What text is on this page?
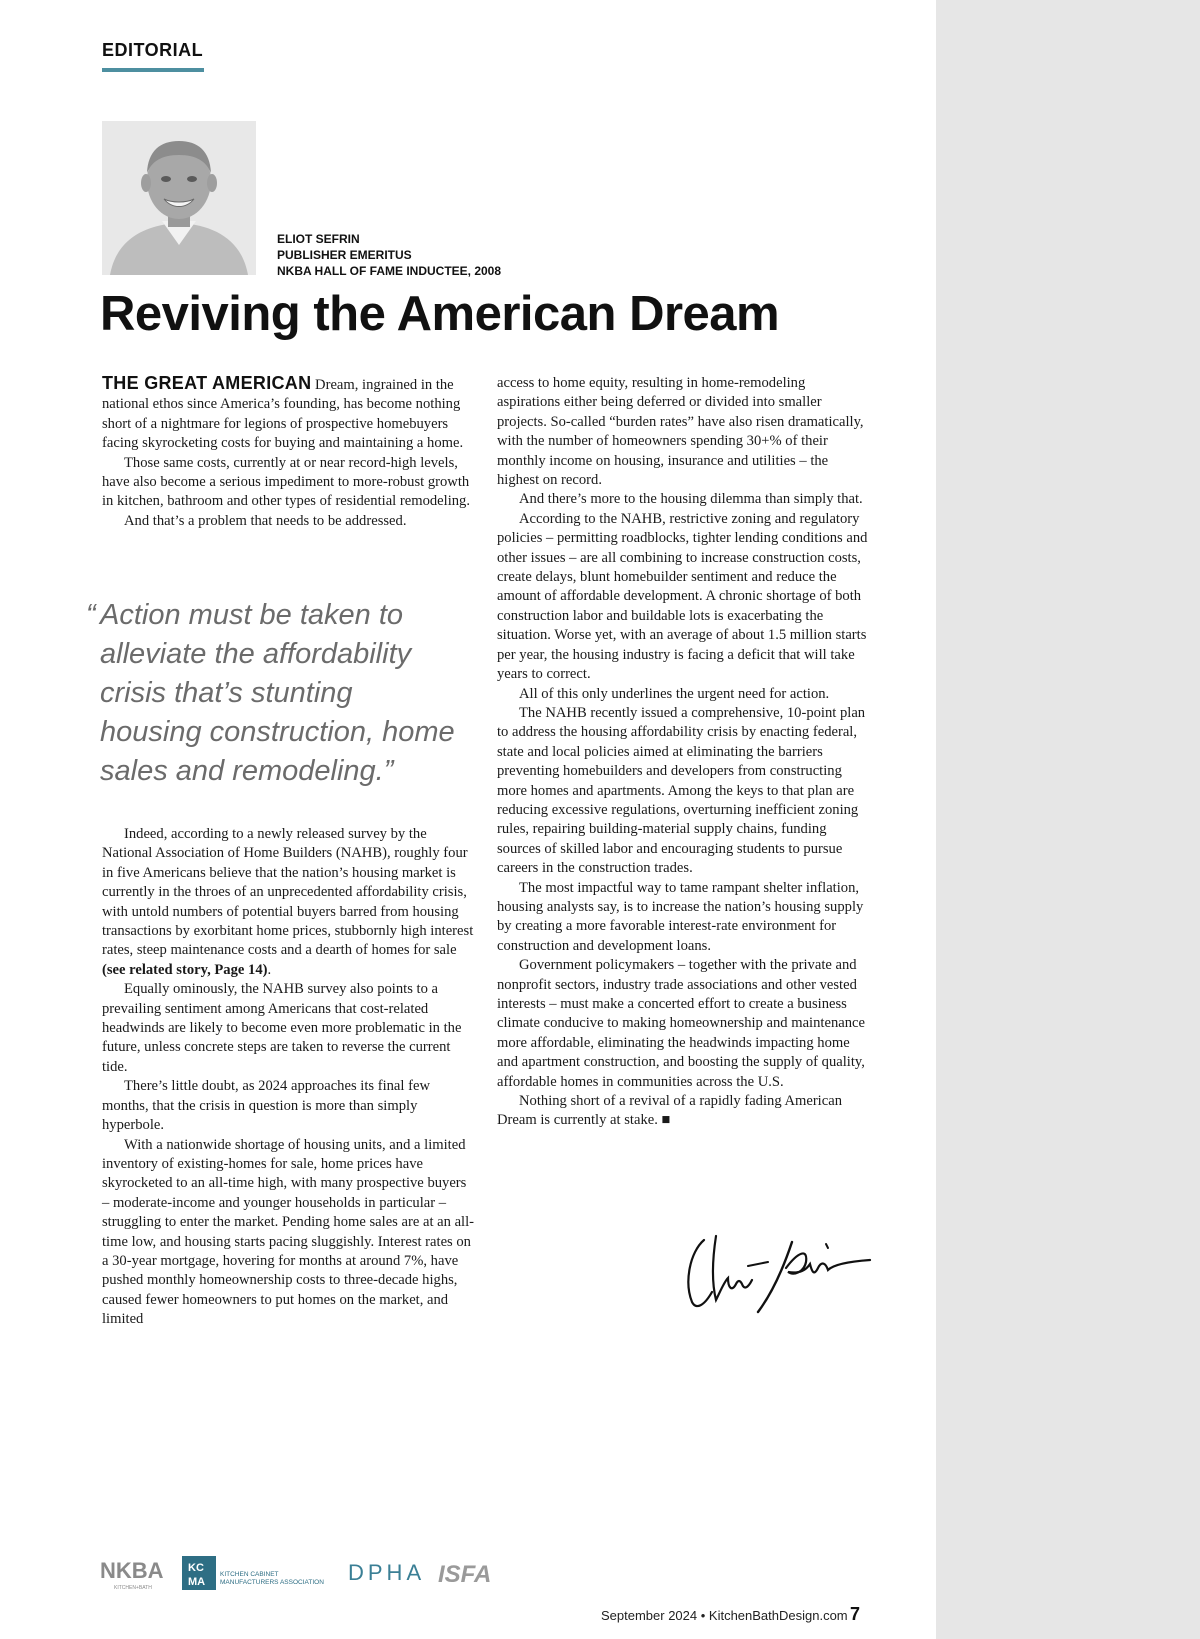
EDITORIAL
ELIOT SEFRIN
PUBLISHER EMERITUS
NKBA HALL OF FAME INDUCTEE, 2008
Reviving the American Dream

THE GREAT AMERICAN Dream, ingrained in the national ethos since America’s founding, has become nothing short of a nightmare for legions of prospective homebuyers facing skyrocketing costs for buying and maintaining a home.

Those same costs, currently at or near record-high levels, have also become a serious impediment to more-robust growth in kitchen, bathroom and other types of residential remodeling.

And that’s a problem that needs to be addressed.

“ Action must be taken to
alleviate the affordability
crisis that’s stunting
housing construction, home
sales and remodeling.”

Indeed, according to a newly released survey by the National Association of Home Builders (NAHB), roughly four in five Americans believe that the nation’s housing market is currently in the throes of an unprecedented affordability crisis, with untold numbers of potential buyers barred from housing transactions by exorbitant home prices, stubbornly high interest rates, steep maintenance costs and a dearth of homes for sale (see related story, Page 14).

Equally ominously, the NAHB survey also points to a prevailing sentiment among Americans that cost-related headwinds are likely to become even more problematic in the future, unless concrete steps are taken to reverse the current tide.

There’s little doubt, as 2024 approaches its final few months, that the crisis in question is more than simply hyperbole.

With a nationwide shortage of housing units, and a limited inventory of existing-homes for sale, home prices have skyrocketed to an all-time high, with many prospective buyers – moderate-income and younger households in particular – struggling to enter the market. Pending home sales are at an all-time low, and housing starts pacing sluggishly. Interest rates on a 30-year mortgage, hovering for months at around 7%, have pushed monthly homeownership costs to three-decade highs, caused fewer homeowners to put homes on the market, and limited

access to home equity, resulting in home-remodeling aspirations either being deferred or divided into smaller projects. So-called “burden rates” have also risen dramatically, with the number of homeowners spending 30+% of their monthly income on housing, insurance and utilities – the highest on record.

And there’s more to the housing dilemma than simply that.

According to the NAHB, restrictive zoning and regulatory policies – permitting roadblocks, tighter lending conditions and other issues – are all combining to increase construction costs, create delays, blunt homebuilder sentiment and reduce the amount of affordable development. A chronic shortage of both construction labor and buildable lots is exacerbating the situation. Worse yet, with an average of about 1.5 million starts per year, the housing industry is facing a deficit that will take years to correct.

All of this only underlines the urgent need for action.

The NAHB recently issued a comprehensive, 10-point plan to address the housing affordability crisis by enacting federal, state and local policies aimed at eliminating the barriers preventing homebuilders and developers from constructing more homes and apartments. Among the keys to that plan are reducing excessive regulations, overturning inefficient zoning rules, repairing building-material supply chains, funding sources of skilled labor and encouraging students to pursue careers in the construction trades.

The most impactful way to tame rampant shelter inflation, housing analysts say, is to increase the nation’s housing supply by creating a more favorable interest-rate environment for construction and development loans.

Government policymakers – together with the private and nonprofit sectors, industry trade associations and other vested interests – must make a concerted effort to create a business climate conducive to making homeownership and maintenance more affordable, eliminating the headwinds impacting home and apartment construction, and boosting the supply of quality, affordable homes in communities across the U.S.

Nothing short of a revival of a rapidly fading American Dream is currently at stake. ■

NKBA
KITCHEN+BATH
KC
MA
KITCHEN CABINET
MANUFACTURERS ASSOCIATION DPHA ISFA
September 2024 • KitchenBathDesign.com 7
